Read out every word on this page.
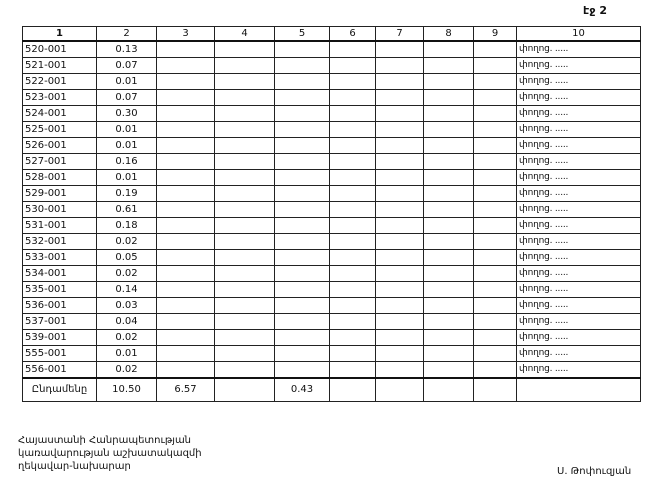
էջ 2
1	2	3	4	5	6	7	8	9	10
520-001	0.13								փողոց. .....
521-001	0.07								փողոց. .....
522-001	0.01								փողոց. .....
523-001	0.07								փողոց. .....
524-001	0.30								փողոց. .....
525-001	0.01								փողոց. .....
526-001	0.01								փողոց. .....
527-001	0.16								փողոց. .....
528-001	0.01								փողոց. .....
529-001	0.19								փողոց. .....
530-001	0.61								փողոց. .....
531-001	0.18								փողոց. .....
532-001	0.02								փողոց. .....
533-001	0.05								փողոց. .....
534-001	0.02								փողոց. .....
535-001	0.14								փողոց. .....
536-001	0.03								փողոց. .....
537-001	0.04								փողոց. .....
539-001	0.02								փողոց. .....
555-001	0.01								փողոց. .....
556-001	0.02								փողոց. .....
Ընդամենը	10.50	6.57		0.43					
Հայաստանի Հանրապետության
կառավարության աշխատակազմի
ղեկավար-նախարար	Ս. Թոփուզյան
